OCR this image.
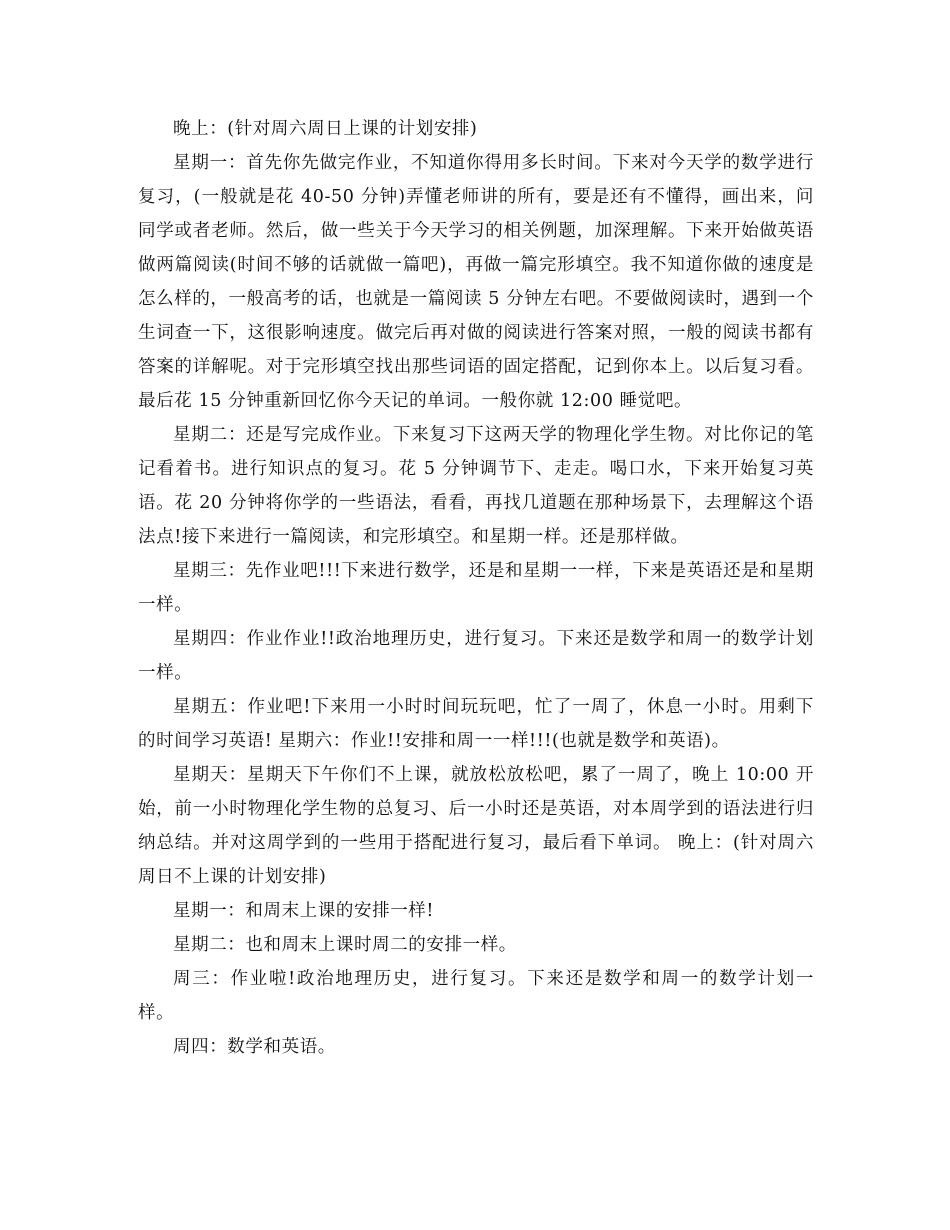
晚上：(针对周六周日上课的计划安排)

星期一：首先你先做完作业，不知道你得用多长时间。下来对今天学的数学进行复习，(一般就是花 40-50 分钟)弄懂老师讲的所有，要是还有不懂得，画出来，问同学或者老师。然后，做一些关于今天学习的相关例题，加深理解。下来开始做英语做两篇阅读(时间不够的话就做一篇吧)，再做一篇完形填空。我不知道你做的速度是怎么样的，一般高考的话，也就是一篇阅读 5 分钟左右吧。不要做阅读时，遇到一个生词查一下，这很影响速度。做完后再对做的阅读进行答案对照，一般的阅读书都有答案的详解呢。对于完形填空找出那些词语的固定搭配，记到你本上。以后复习看。最后花 15 分钟重新回忆你今天记的单词。一般你就 12:00 睡觉吧。

星期二：还是写完成作业。下来复习下这两天学的物理化学生物。对比你记的笔记看着书。进行知识点的复习。花 5 分钟调节下、走走。喝口水，下来开始复习英语。花 20 分钟将你学的一些语法，看看，再找几道题在那种场景下，去理解这个语法点!接下来进行一篇阅读，和完形填空。和星期一样。还是那样做。

星期三：先作业吧!!!下来进行数学，还是和星期一一样，下来是英语还是和星期一样。

星期四：作业作业!!政治地理历史，进行复习。下来还是数学和周一的数学计划一样。

星期五：作业吧!下来用一小时时间玩玩吧，忙了一周了，休息一小时。用剩下的时间学习英语! 星期六：作业!!安排和周一一样!!!(也就是数学和英语)。

星期天：星期天下午你们不上课，就放松放松吧，累了一周了，晚上 10:00 开始，前一小时物理化学生物的总复习、后一小时还是英语，对本周学到的语法进行归纳总结。并对这周学到的一些用于搭配进行复习，最后看下单词。 晚上：(针对周六周日不上课的计划安排)

星期一：和周末上课的安排一样!

星期二：也和周末上课时周二的安排一样。

周三：作业啦!政治地理历史，进行复习。下来还是数学和周一的数学计划一样。

周四：数学和英语。
